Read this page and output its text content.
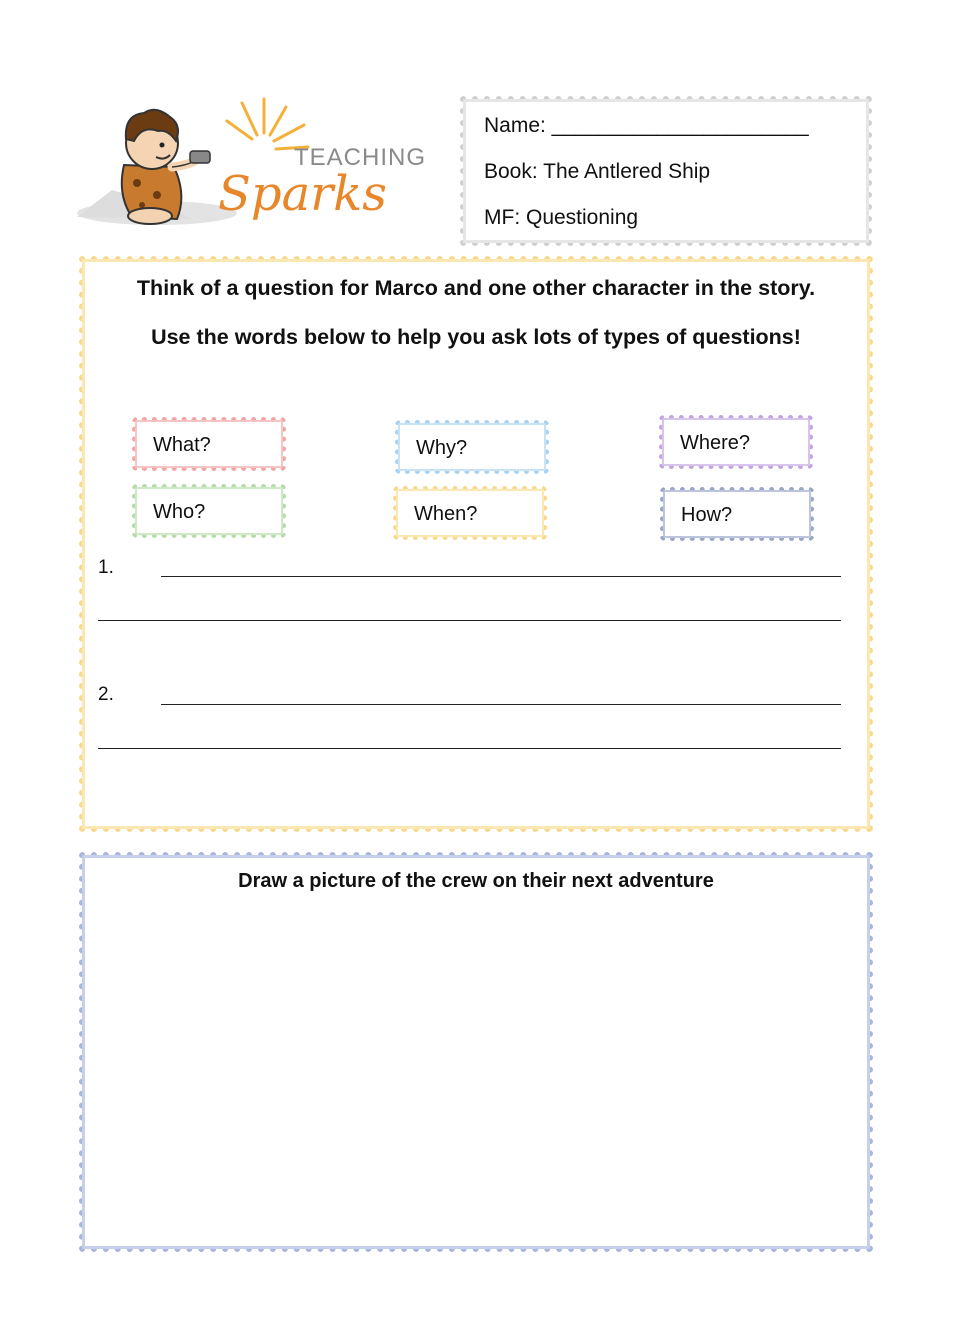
TEACHING
Sparks
Name: ______________________
Book: The Antlered Ship
MF: Questioning
Think of a question for Marco and one other character in the story.
Use the words below to help you ask lots of types of questions!
What?	Why?	Where?
Who?	When?	How?
1.
2.
Draw a picture of the crew on their next adventure
